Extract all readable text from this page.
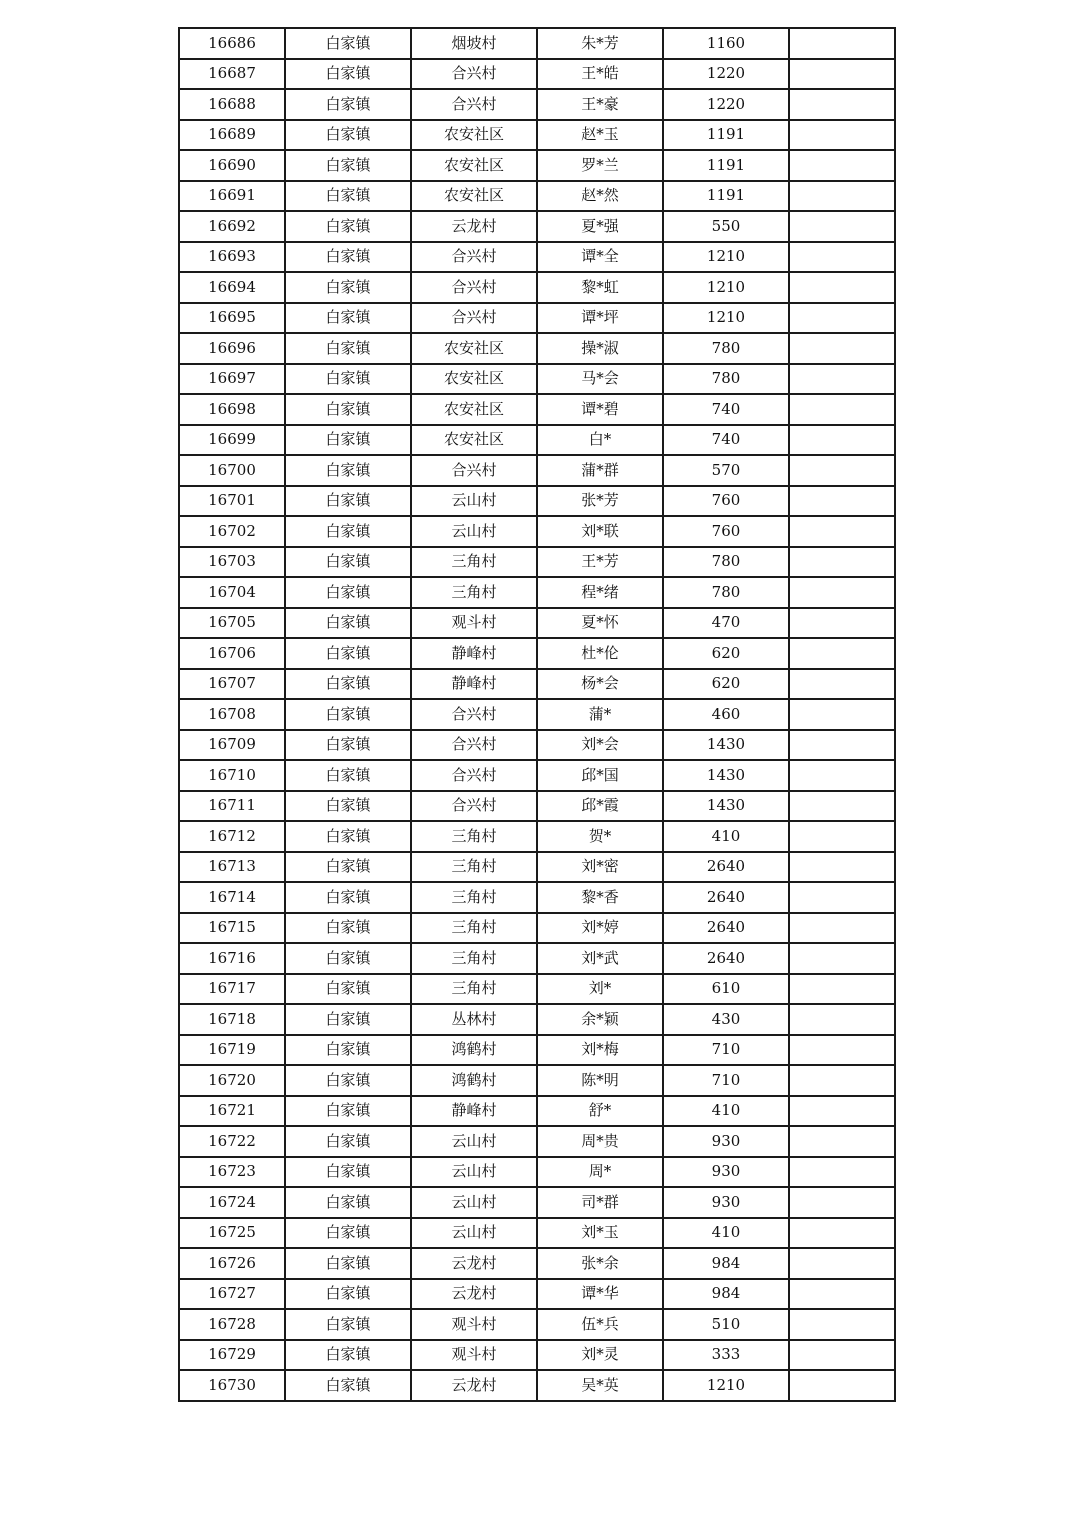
16686	白家镇	烟坡村	朱*芳	1160	
16687	白家镇	合兴村	王*皓	1220	
16688	白家镇	合兴村	王*豪	1220	
16689	白家镇	农安社区	赵*玉	1191	
16690	白家镇	农安社区	罗*兰	1191	
16691	白家镇	农安社区	赵*然	1191	
16692	白家镇	云龙村	夏*强	550	
16693	白家镇	合兴村	谭*全	1210	
16694	白家镇	合兴村	黎*虹	1210	
16695	白家镇	合兴村	谭*坪	1210	
16696	白家镇	农安社区	操*淑	780	
16697	白家镇	农安社区	马*会	780	
16698	白家镇	农安社区	谭*碧	740	
16699	白家镇	农安社区	白*	740	
16700	白家镇	合兴村	蒲*群	570	
16701	白家镇	云山村	张*芳	760	
16702	白家镇	云山村	刘*联	760	
16703	白家镇	三角村	王*芳	780	
16704	白家镇	三角村	程*绪	780	
16705	白家镇	观斗村	夏*怀	470	
16706	白家镇	静峰村	杜*伦	620	
16707	白家镇	静峰村	杨*会	620	
16708	白家镇	合兴村	蒲*	460	
16709	白家镇	合兴村	刘*会	1430	
16710	白家镇	合兴村	邱*国	1430	
16711	白家镇	合兴村	邱*霞	1430	
16712	白家镇	三角村	贺*	410	
16713	白家镇	三角村	刘*密	2640	
16714	白家镇	三角村	黎*香	2640	
16715	白家镇	三角村	刘*婷	2640	
16716	白家镇	三角村	刘*武	2640	
16717	白家镇	三角村	刘*	610	
16718	白家镇	丛林村	余*颖	430	
16719	白家镇	鸿鹤村	刘*梅	710	
16720	白家镇	鸿鹤村	陈*明	710	
16721	白家镇	静峰村	舒*	410	
16722	白家镇	云山村	周*贵	930	
16723	白家镇	云山村	周*	930	
16724	白家镇	云山村	司*群	930	
16725	白家镇	云山村	刘*玉	410	
16726	白家镇	云龙村	张*余	984	
16727	白家镇	云龙村	谭*华	984	
16728	白家镇	观斗村	伍*兵	510	
16729	白家镇	观斗村	刘*灵	333	
16730	白家镇	云龙村	吴*英	1210	
